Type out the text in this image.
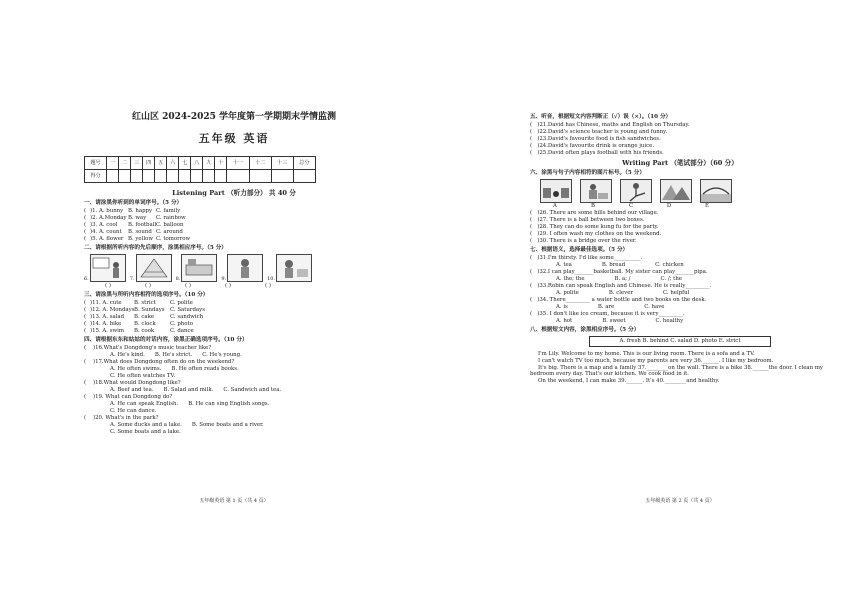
红山区 2024-2025 学年度第一学期期末学情监测
五年级 英语
题号	一	二	三	四	五	六	七	八	九	十	十一	十二	十三	总分
得分														
Listening Part （听力部分） 共 40 分
一、请涂黑你听到的单词序号。（5 分）
( )1. A. bunny B. happy C. family
( )2. A.Monday B. way	C. rainbow
( )3. A. cool B. football C. balloon
( )4. A. count B. sound C. around
( )5. A. flower B. yellow C. tomorrow
二、请根据所听内容的先后顺序，涂黑相应序号。（5 分）
6.	7.	8.	9.	10.
( )	( )	( )	( )	( )
三、请涂黑与所听内容相符的选项序号。（10 分）
( )11. A. cute	B. strict	C. polite
( )12. A. Mondays B. Sundays	C. Saturdays
( )13. A. salad B. cake	C. sandwich
( )14. A. bike	B. clock	C. photo
( )15. A. swim B. cook	C. dance
四、请根据东东和姑姑的对话内容，涂黑正确选项序号。（10 分）
(    )16.What's Dongdong's music teacher like?
A. He's kind. B. He's strict. C. He's young.
(    )17.What does Dongdong often do on the weekend?
A. He often swims. B. He often reads books.
C. He often watches TV.
(    )18.What would Dongdong like?
A. Beef and tea. B. Salad and milk. C. Sandwich and tea.
(    )19. What can Dongdong do?
A. He can speak English. B. He can sing English songs.
C. He can dance.
(    )20. What's in the park?
A. Some ducks and a lake. B. Some boats and a river.
C. Some boats and a lake.
五年级英语 第 1 页（共 4 页）
五、听音，根据短文内容判断正（√）误（×）。（10 分）
(   )21.David has Chinese, maths and English on Thursday.
(   )22.David's science teacher is young and funny.
(   )23.David's favourite food is fish sandwiches.
(   )24.David's favourite drink is orange juice.
(   )25.David often plays football with his friends.
Writing Part （笔试部分）（60 分）
六、涂黑与句子内容相符的图片标号。（5 分）
A	B	C	D	E
(   )26. There are some hills behind our village.
(   )27. There is a ball between two boxes.
(   )28. They can do some kung fu for the party.
(   )29. I often wash my clothes on the weekend.
(   )30. There is a bridge over the river.
七、根据语义，选择最佳选项。（5 分）
(   )31.I'm thirsty. I'd like some__________.
A. tea	B. bread	C. chicken
(   )32.I can play_______basketball. My sister can play_______pipa.
A. the; the	B. a; /	C. /; the
(   )33.Robin can speak English and Chinese. He is really_________.
A. polite	B. clever	C. helpful
(   )34. There_________ a water bottle and two books on the desk.
A. is	B. are	C. have
(   )35. I don't like ice cream, because it is very_________.
A. hot	B. sweet	C. healthy
八、根据短文内容，涂黑相应序号。（5 分）
A. fresh B. behind C. salad D. photo E. strict

I'm Lily. Welcome to my home. This is our living room. There is a sofa and a TV.

I can't watch TV too much, because my parents are very 36.______. I like my bedroom.

It's big. There is a map and a family 37.________on the wall. There is a bike 38.______the door. I clean my bedroom every day. That's our kitchen. We cook food in it.

On the weekend, I can make 39.______. It's 40.________and healthy.

五年级英语 第 2 页（共 4 页）
